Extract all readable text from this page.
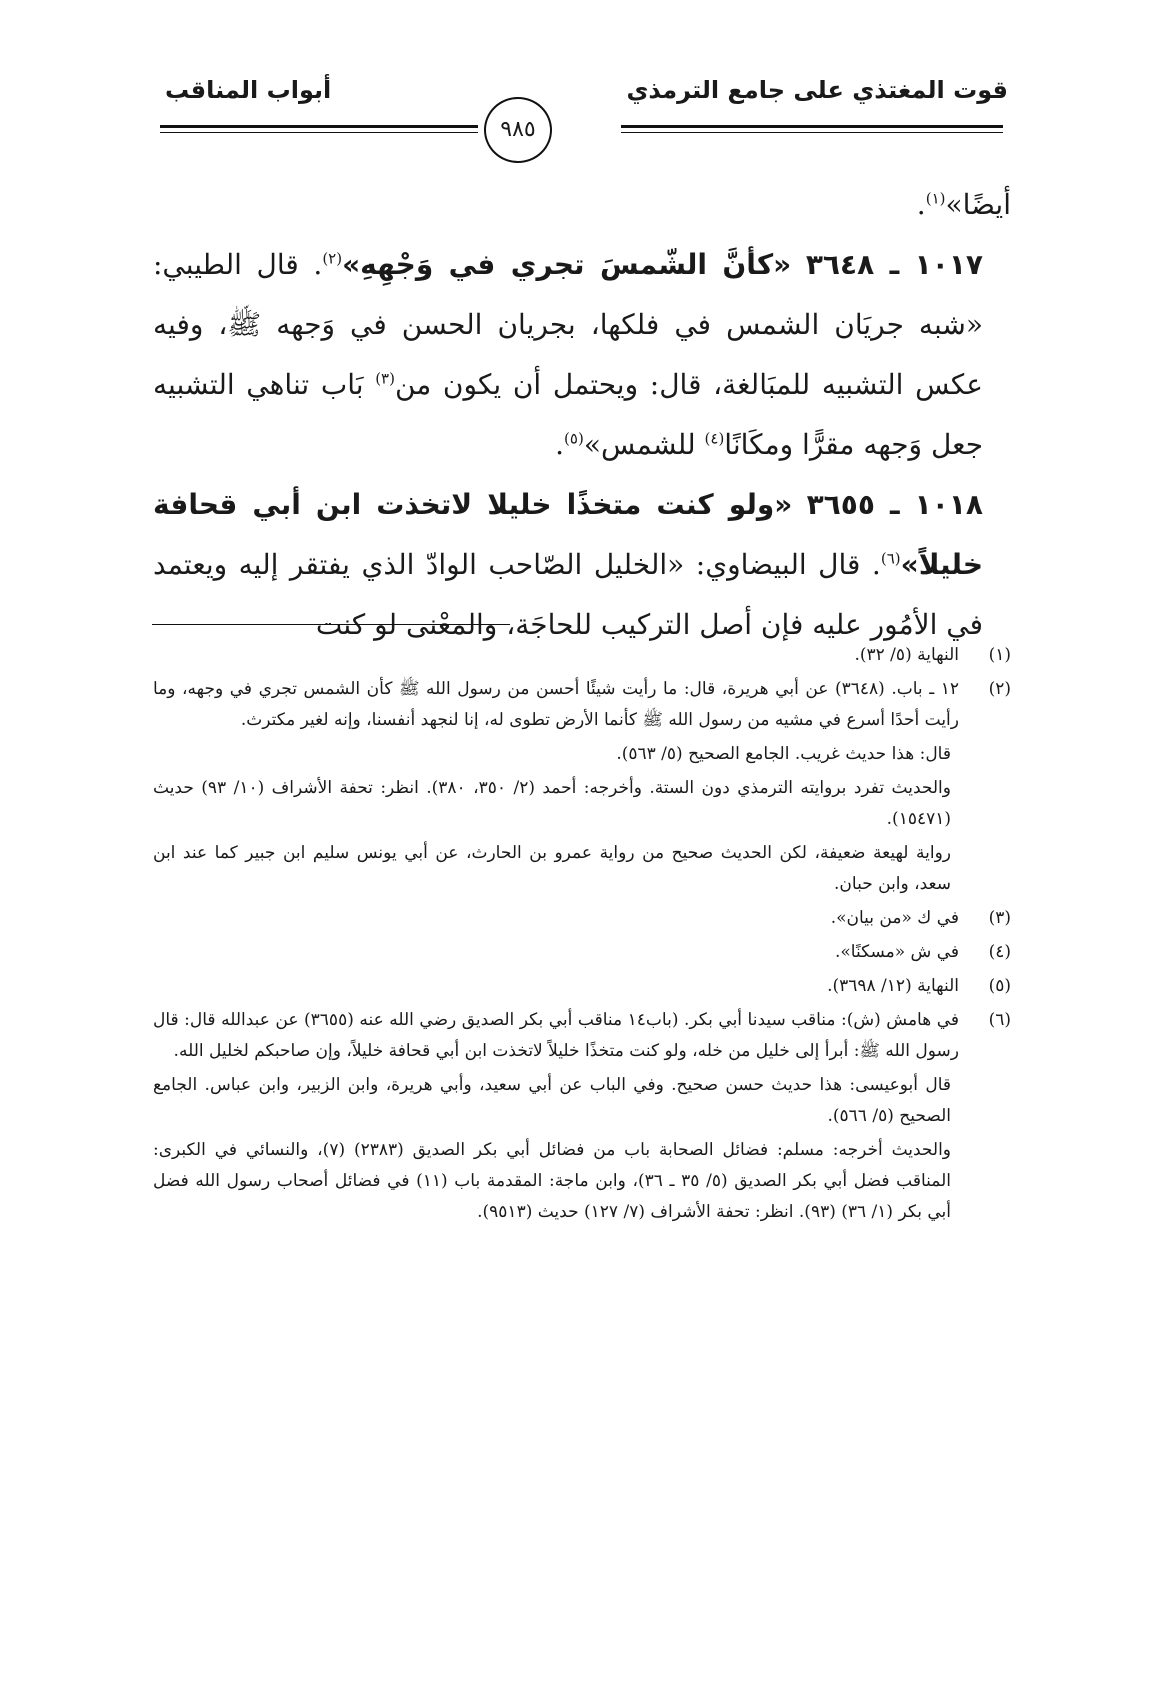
قوت المغتذي على جامع الترمذي
أبواب المناقب
٩٨٥

أيضًا»$^{(١)}$.

١٠١٧ ـ ٣٦٤٨ «كأنَّ الشّمسَ تجري في وَجْهِهِ»$^{(٢)}$. قال الطيبي: «شبه جريَان الشمس في فلكها، بجريان الحسن في وَجهه ﷺ، وفيه عكس التشبيه للمبَالغة، قال: ويحتمل أن يكون من$^{(٣)}$ بَاب تناهي التشبيه جعل وَجهه مقرًّا ومكَانًا$^{(٤)}$ للشمس»$^{(٥)}$.

١٠١٨ ـ ٣٦٥٥ «ولو كنت متخذًا خليلا لاتخذت ابن أبي قحافة خليلاً»$^{(٦)}$. قال البيضاوي: «الخليل الصّاحب الوادّ الذي يفتقر إليه ويعتمد في الأمُور عليه فإن أصل التركيب للحاجَة، والمعْنى لو كنت

(١)
النهاية (٥/ ٣٢).
(٢)
١٢ ـ باب. (٣٦٤٨) عن أبي هريرة، قال: ما رأيت شيئًا أحسن من رسول الله ﷺ كأن الشمس تجري في وجهه، وما رأيت أحدًا أسرع في مشيه من رسول الله ﷺ كأنما الأرض تطوى له، إنا لنجهد أنفسنا، وإنه لغير مكترث.
قال: هذا حديث غريب. الجامع الصحيح (٥/ ٥٦٣).
والحديث تفرد بروايته الترمذي دون الستة. وأخرجه: أحمد (٢/ ٣٥٠، ٣٨٠). انظر: تحفة الأشراف (١٠/ ٩٣) حديث (١٥٤٧١).
رواية لهيعة ضعيفة، لكن الحديث صحيح من رواية عمرو بن الحارث، عن أبي يونس سليم ابن جبير كما عند ابن سعد، وابن حبان.
(٣)
في ك «من بيان».
(٤)
في ش «مسكنًا».
(٥)
النهاية (١٢/ ٣٦٩٨).
(٦)
في هامش (ش): مناقب سيدنا أبي بكر. (باب١٤ مناقب أبي بكر الصديق رضي الله عنه (٣٦٥٥) عن عبدالله قال: قال رسول الله ﷺ: أبرأ إلى خليل من خله، ولو كنت متخذًا خليلاً لاتخذت ابن أبي قحافة خليلاً، وإن صاحبكم لخليل الله.
قال أبوعيسى: هذا حديث حسن صحيح. وفي الباب عن أبي سعيد، وأبي هريرة، وابن الزبير، وابن عباس. الجامع الصحيح (٥/ ٥٦٦).
والحديث أخرجه: مسلم: فضائل الصحابة باب من فضائل أبي بكر الصديق (٢٣٨٣) (٧)، والنسائي في الكبرى: المناقب فضل أبي بكر الصديق (٥/ ٣٥ ـ ٣٦)، وابن ماجة: المقدمة باب (١١) في فضائل أصحاب رسول الله فضل أبي بكر (١/ ٣٦) (٩٣). انظر: تحفة الأشراف (٧/ ١٢٧) حديث (٩٥١٣).
